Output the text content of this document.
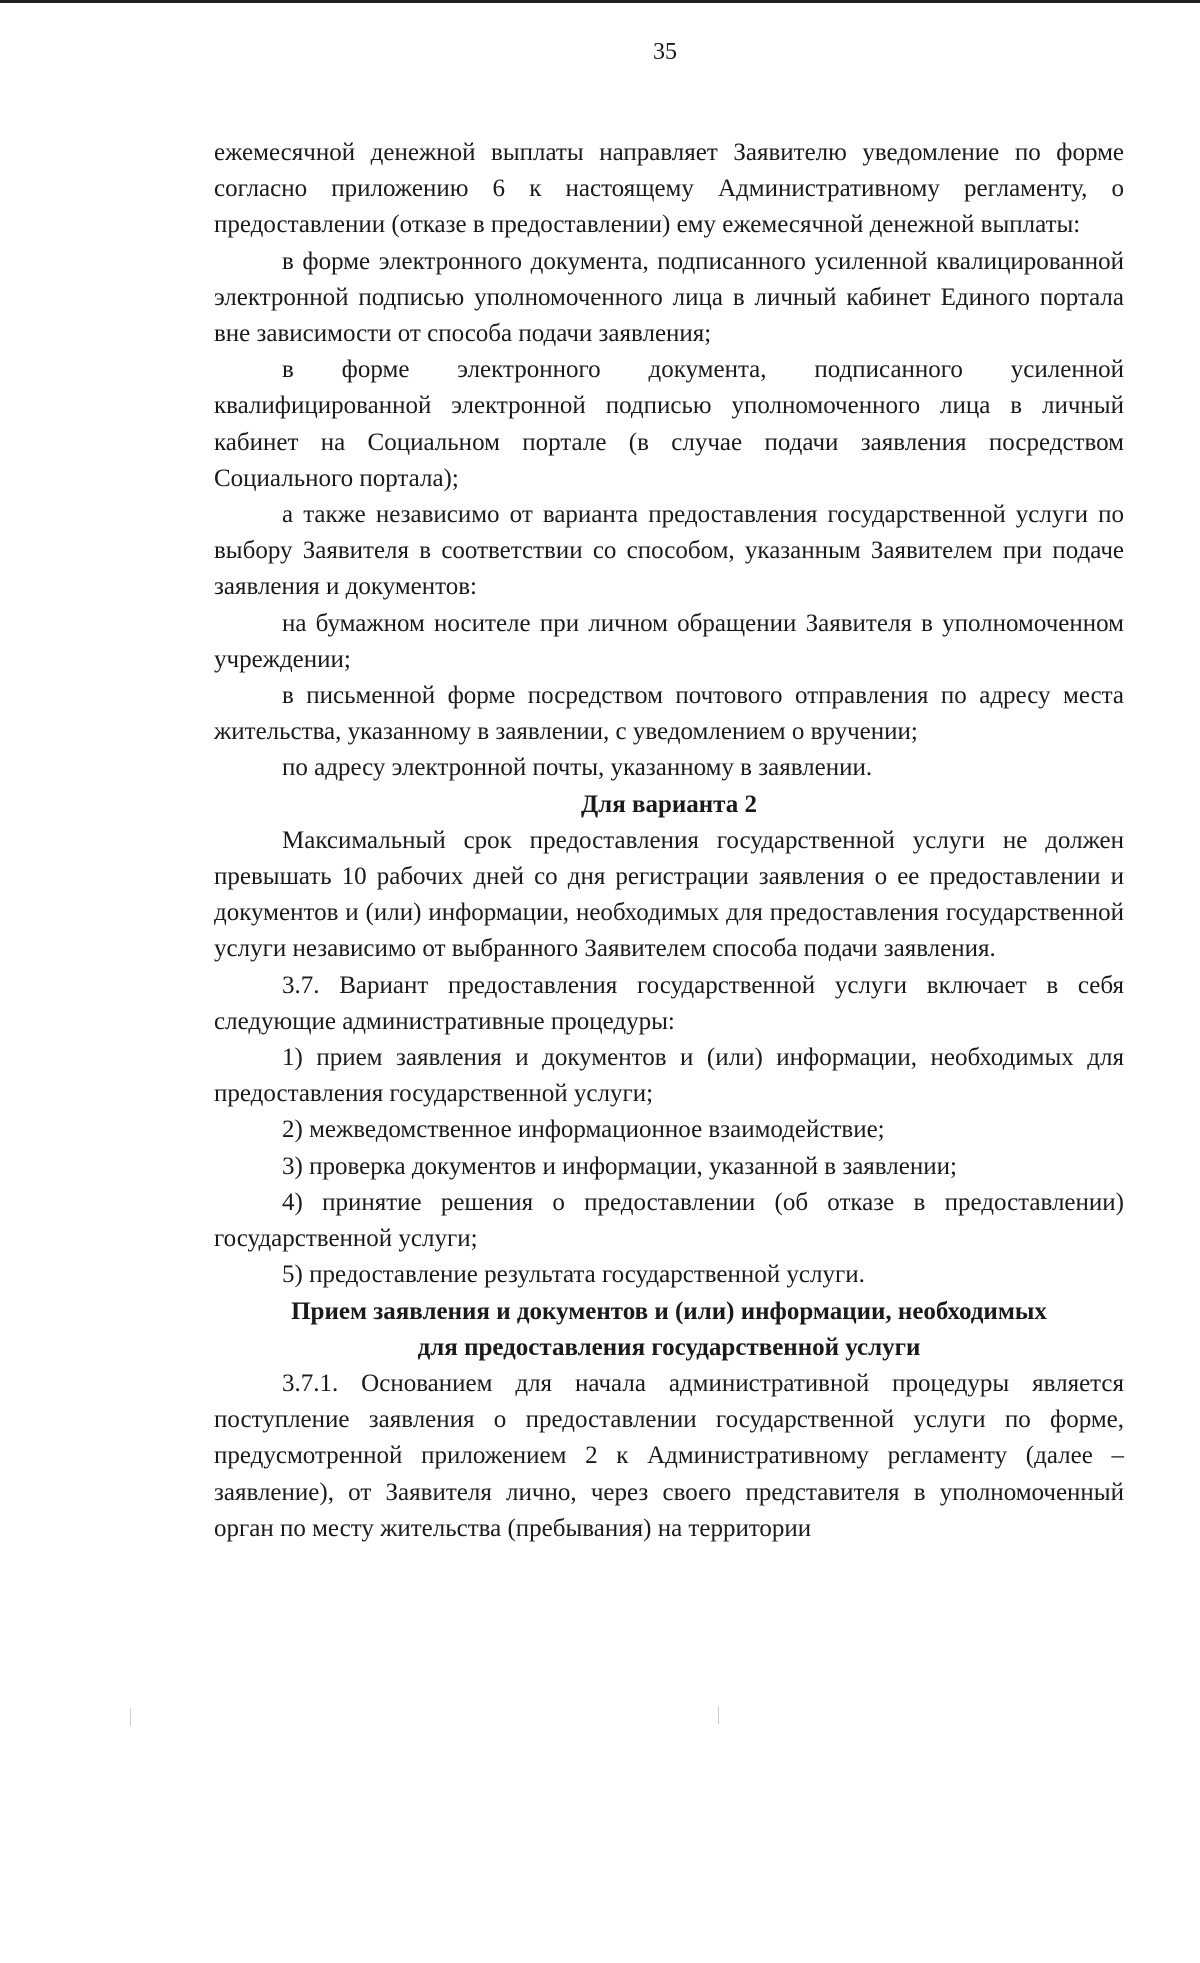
35

ежемесячной денежной выплаты направляет Заявителю уведомление по форме согласно приложению 6 к настоящему Административному регламенту, о предоставлении (отказе в предоставлении) ему ежемесячной денежной выплаты:

в форме электронного документа, подписанного усиленной квалицированной электронной подписью уполномоченного лица в личный кабинет Единого портала вне зависимости от способа подачи заявления;

в форме электронного документа, подписанного усиленной квалифицированной электронной подписью уполномоченного лица в личный кабинет на Социальном портале (в случае подачи заявления посредством Социального портала);

а также независимо от варианта предоставления государственной услуги по выбору Заявителя в соответствии со способом, указанным Заявителем при подаче заявления и документов:

на бумажном носителе при личном обращении Заявителя в уполномоченном учреждении;

в письменной форме посредством почтового отправления по адресу места жительства, указанному в заявлении, с уведомлением о вручении;

по адресу электронной почты, указанному в заявлении.

Для варианта 2

Максимальный срок предоставления государственной услуги не должен превышать 10 рабочих дней со дня регистрации заявления о ее предоставлении и документов и (или) информации, необходимых для предоставления государственной услуги независимо от выбранного Заявителем способа подачи заявления.

3.7. Вариант предоставления государственной услуги включает в себя следующие административные процедуры:

1) прием заявления и документов и (или) информации, необходимых для предоставления государственной услуги;

2) межведомственное информационное взаимодействие;

3) проверка документов и информации, указанной в заявлении;

4) принятие решения о предоставлении (об отказе в предоставлении) государственной услуги;

5) предоставление результата государственной услуги.

Прием заявления и документов и (или) информации, необходимых
для предоставления государственной услуги

3.7.1. Основанием для начала административной процедуры является поступление заявления о предоставлении государственной услуги по форме, предусмотренной приложением 2 к Административному регламенту (далее – заявление), от Заявителя лично, через своего представителя в уполномоченный орган по месту жительства (пребывания) на территории
